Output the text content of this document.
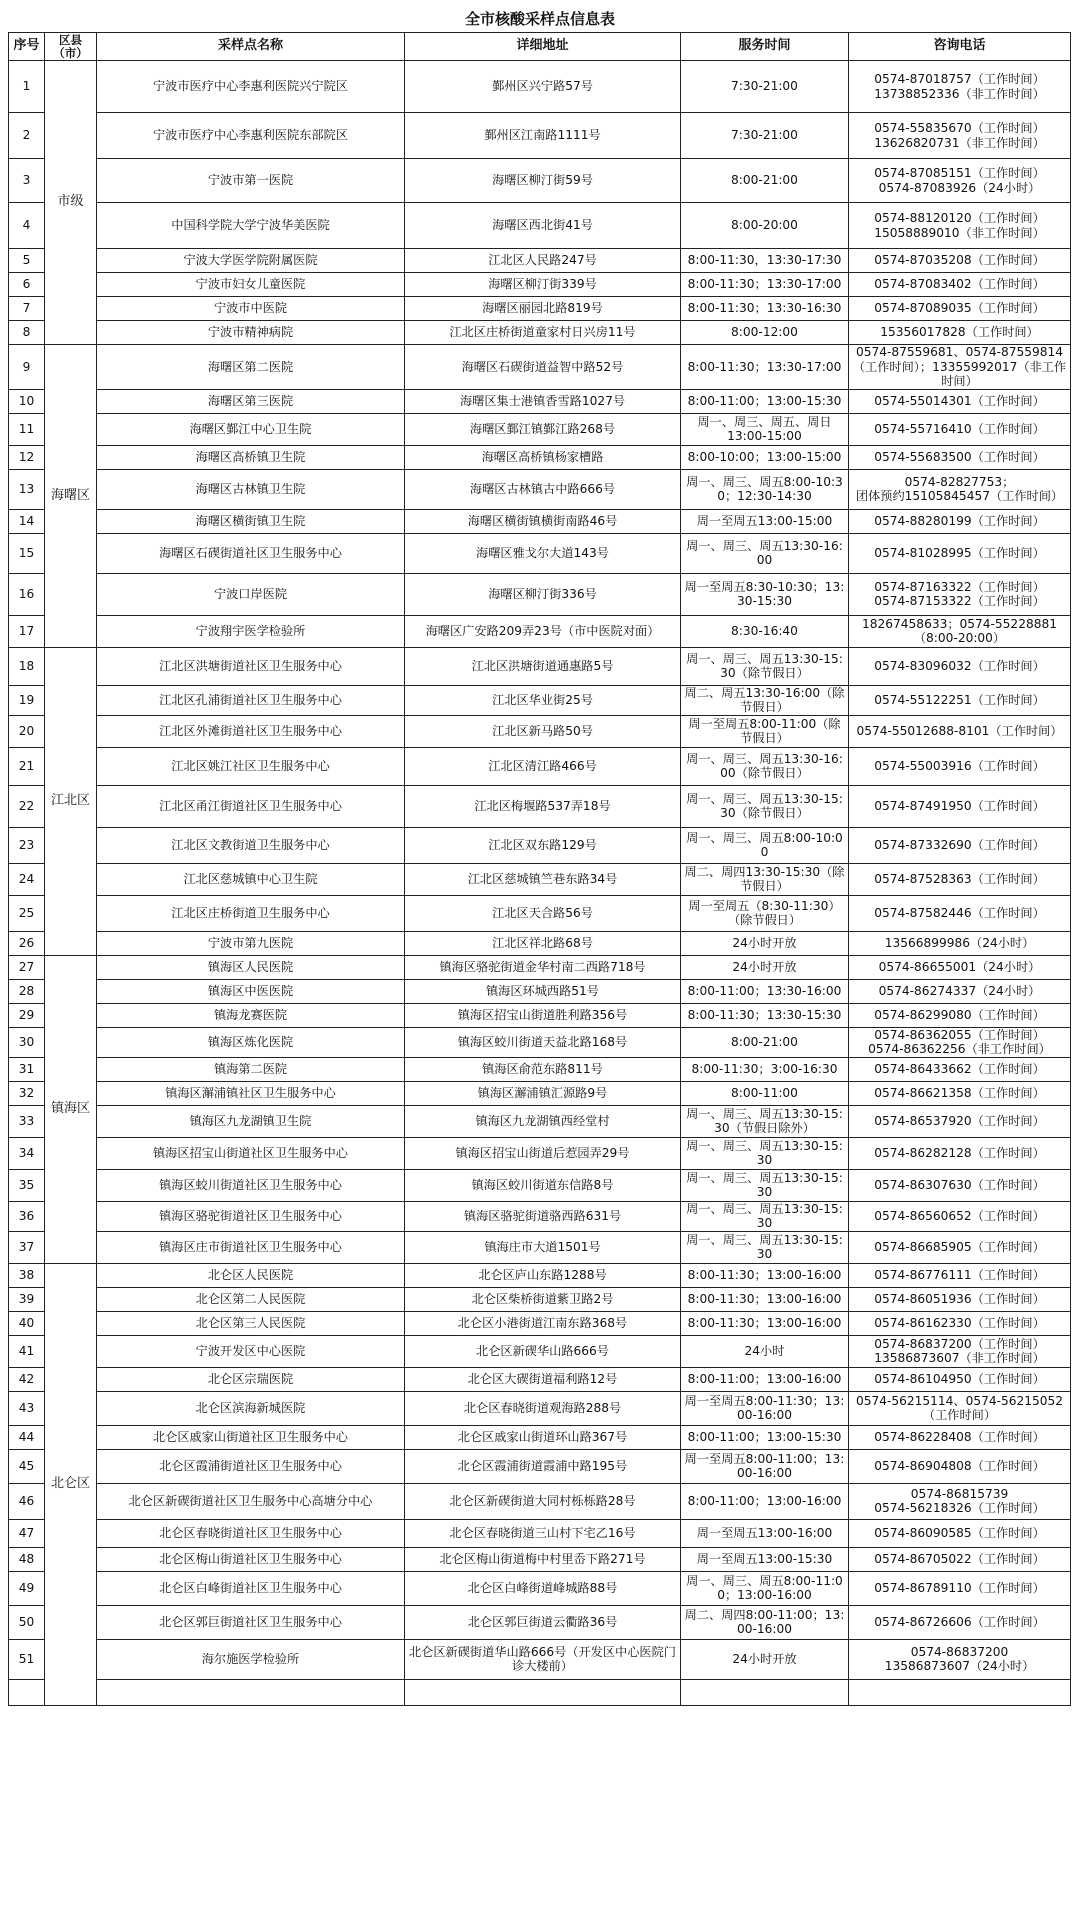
全市核酸采样点信息表
序号	区县（市）	采样点名称	详细地址	服务时间	咨询电话	
1	市级	宁波市医疗中心李惠利医院兴宁院区	鄞州区兴宁路57号	7:30-21:00	0574-87018757（工作时间）
13738852336（非工作时间）	
2		宁波市医疗中心李惠利医院东部院区	鄞州区江南路1111号	7:30-21:00	0574-55835670（工作时间）
13626820731（非工作时间）	
3		宁波市第一医院	海曙区柳汀街59号	8:00-21:00	0574-87085151（工作时间）
0574-87083926（24小时）	
4		中国科学院大学宁波华美医院	海曙区西北街41号	8:00-20:00	0574-88120120（工作时间）
15058889010（非工作时间）	
5		宁波大学医学院附属医院	江北区人民路247号	8:00-11:30，13:30-17:30	0574-87035208（工作时间）	
6		宁波市妇女儿童医院	海曙区柳汀街339号	8:00-11:30；13:30-17:00	0574-87083402（工作时间）	
7		宁波市中医院	海曙区丽园北路819号	8:00-11:30；13:30-16:30	0574-87089035（工作时间）	
8		宁波市精神病院	江北区庄桥街道童家村日兴房11号	8:00-12:00	15356017828（工作时间）	
9	海曙区	海曙区第二医院	海曙区石碶街道益智中路52号	8:00-11:30；13:30-17:00	0574-87559681、0574-87559814（工作时间）；13355992017（非工作时间）	
10		海曙区第三医院	海曙区集士港镇香雪路1027号	8:00-11:00；13:00-15:30	0574-55014301（工作时间）	
11		海曙区鄞江中心卫生院	海曙区鄞江镇鄞江路268号	周一、周三、周五、周日
13:00-15:00	0574-55716410（工作时间）	
12		海曙区高桥镇卫生院	海曙区高桥镇杨家槽路	8:00-10:00；13:00-15:00	0574-55683500（工作时间）	
13		海曙区古林镇卫生院	海曙区古林镇古中路666号	周一、周三、周五8:00-10:30；12:30-14:30	0574-82827753；
团体预约15105845457（工作时间）	
14		海曙区横街镇卫生院	海曙区横街镇横街南路46号	周一至周五13:00-15:00	0574-88280199（工作时间）	
15		海曙区石碶街道社区卫生服务中心	海曙区雅戈尔大道143号	周一、周三、周五13:30-16:00	0574-81028995（工作时间）	
16		宁波口岸医院	海曙区柳汀街336号	周一至周五8:30-10:30；13:30-15:30	0574-87163322（工作时间）
0574-87153322（工作时间）	
17		宁波翔宇医学检验所	海曙区广安路209弄23号（市中医院对面）	8:30-16:40	18267458633；0574-55228881（8:00-20:00）	
18	江北区	江北区洪塘街道社区卫生服务中心	江北区洪塘街道通惠路5号	周一、周三、周五13:30-15:30（除节假日）	0574-83096032（工作时间）	
19		江北区孔浦街道社区卫生服务中心	江北区华业街25号	周二、周五13:30-16:00（除节假日）	0574-55122251（工作时间）	
20		江北区外滩街道社区卫生服务中心	江北区新马路50号	周一至周五8:00-11:00（除节假日）	0574-55012688-8101（工作时间）	
21		江北区姚江社区卫生服务中心	江北区清江路466号	周一、周三、周五13:30-16:00（除节假日）	0574-55003916（工作时间）	
22		江北区甬江街道社区卫生服务中心	江北区梅堰路537弄18号	周一、周三、周五13:30-15:30（除节假日）	0574-87491950（工作时间）	
23		江北区文教街道卫生服务中心	江北区双东路129号	周一、周三、周五8:00-10:00	0574-87332690（工作时间）	
24		江北区慈城镇中心卫生院	江北区慈城镇竺巷东路34号	周二、周四13:30-15:30（除节假日）	0574-87528363（工作时间）	
25		江北区庄桥街道卫生服务中心	江北区天合路56号	周一至周五（8:30-11:30）（除节假日）	0574-87582446（工作时间）	
26		宁波市第九医院	江北区祥北路68号	24小时开放	13566899986（24小时）	
27	镇海区	镇海区人民医院	镇海区骆驼街道金华村南二西路718号	24小时开放	0574-86655001（24小时）	
28		镇海区中医医院	镇海区环城西路51号	8:00-11:00；13:30-16:00	0574-86274337（24小时）	
29		镇海龙赛医院	镇海区招宝山街道胜利路356号	8:00-11:30；13:30-15:30	0574-86299080（工作时间）	
30		镇海区炼化医院	镇海区蛟川街道天益北路168号	8:00-21:00	0574-86362055（工作时间）
0574-86362256（非工作时间）	
31		镇海第二医院	镇海区俞范东路811号	8:00-11:30；3:00-16:30	0574-86433662（工作时间）	
32		镇海区澥浦镇社区卫生服务中心	镇海区澥浦镇汇源路9号	8:00-11:00	0574-86621358（工作时间）	
33		镇海区九龙湖镇卫生院	镇海区九龙湖镇西经堂村	周一、周三、周五13:30-15:30（节假日除外）	0574-86537920（工作时间）	
34		镇海区招宝山街道社区卫生服务中心	镇海区招宝山街道后惹园弄29号	周一、周三、周五13:30-15:30	0574-86282128（工作时间）	
35		镇海区蛟川街道社区卫生服务中心	镇海区蛟川街道东信路8号	周一、周三、周五13:30-15:30	0574-86307630（工作时间）	
36		镇海区骆驼街道社区卫生服务中心	镇海区骆驼街道骆西路631号	周一、周三、周五13:30-15:30	0574-86560652（工作时间）	
37		镇海区庄市街道社区卫生服务中心	镇海庄市大道1501号	周一、周三、周五13:30-15:30	0574-86685905（工作时间）	
38	北仑区	北仑区人民医院	北仑区庐山东路1288号	8:00-11:30；13:00-16:00	0574-86776111（工作时间）	
39		北仑区第二人民医院	北仑区柴桥街道紫卫路2号	8:00-11:30；13:00-16:00	0574-86051936（工作时间）	
40		北仑区第三人民医院	北仑区小港街道江南东路368号	8:00-11:30；13:00-16:00	0574-86162330（工作时间）	
41		宁波开发区中心医院	北仑区新碶华山路666号	24小时	0574-86837200（工作时间）
13586873607（非工作时间）	
42		北仑区宗瑞医院	北仑区大碶街道福利路12号	8:00-11:00；13:00-16:00	0574-86104950（工作时间）	
43		北仑区滨海新城医院	北仑区春晓街道观海路288号	周一至周五8:00-11:30；13:00-16:00	0574-56215114、0574-56215052（工作时间）	
44		北仑区戚家山街道社区卫生服务中心	北仑区戚家山街道环山路367号	8:00-11:00；13:00-15:30	0574-86228408（工作时间）	
45		北仑区霞浦街道社区卫生服务中心	北仑区霞浦街道霞浦中路195号	周一至周五8:00-11:00；13:00-16:00	0574-86904808（工作时间）	
46		北仑区新碶街道社区卫生服务中心高塘分中心	北仑区新碶街道大同村栎栎路28号	8:00-11:00；13:00-16:00	0574-86815739
0574-56218326（工作时间）	
47		北仑区春晓街道社区卫生服务中心	北仑区春晓街道三山村下宅乙16号	周一至周五13:00-16:00	0574-86090585（工作时间）	
48		北仑区梅山街道社区卫生服务中心	北仑区梅山街道梅中村里岙下路271号	周一至周五13:00-15:30	0574-86705022（工作时间）	
49		北仑区白峰街道社区卫生服务中心	北仑区白峰街道峰城路88号	周一、周三、周五8:00-11:00；13:00-16:00	0574-86789110（工作时间）	
50		北仑区郭巨街道社区卫生服务中心	北仑区郭巨街道云衢路36号	周二、周四8:00-11:00；13:00-16:00	0574-86726606（工作时间）	
51		海尔施医学检验所	北仑区新碶街道华山路666号（开发区中心医院门诊大楼前）	24小时开放	0574-86837200
13586873607（24小时）	
